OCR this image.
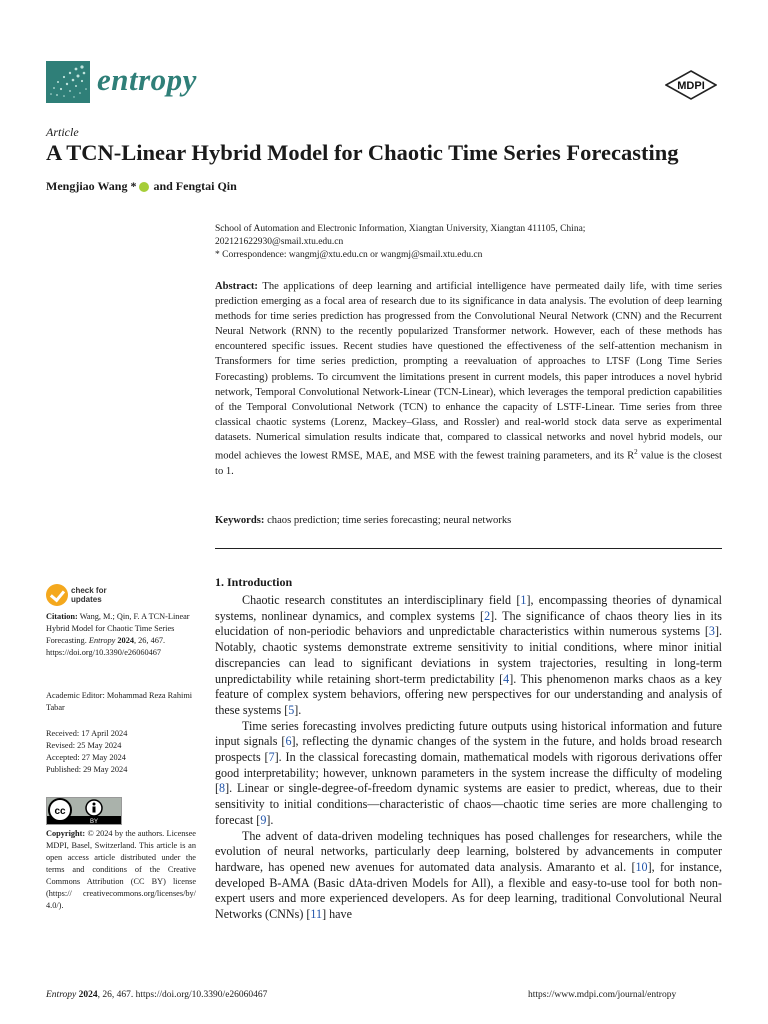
entropy	MDPI
Article
A TCN-Linear Hybrid Model for Chaotic Time Series Forecasting
Mengjiao Wang * and Fengtai Qin
School of Automation and Electronic Information, Xiangtan University, Xiangtan 411105, China;
202121622930@smail.xtu.edu.cn
* Correspondence: wangmj@xtu.edu.cn or wangmj@smail.xtu.edu.cn
Abstract: The applications of deep learning and artificial intelligence have permeated daily life, with time series prediction emerging as a focal area of research due to its significance in data analysis. The evolution of deep learning methods for time series prediction has progressed from the Convolutional Neural Network (CNN) and the Recurrent Neural Network (RNN) to the recently popularized Transformer network. However, each of these methods has encountered specific issues. Recent studies have questioned the effectiveness of the self-attention mechanism in Transformers for time series prediction, prompting a reevaluation of approaches to LTSF (Long Time Series Forecasting) problems. To circumvent the limitations present in current models, this paper introduces a novel hybrid network, Temporal Convolutional Network-Linear (TCN-Linear), which leverages the temporal prediction capabilities of the Temporal Convolutional Network (TCN) to enhance the capacity of LSTF-Linear. Time series from three classical chaotic systems (Lorenz, Mackey–Glass, and Rossler) and real-world stock data serve as experimental datasets. Numerical simulation results indicate that, compared to classical networks and novel hybrid models, our model achieves the lowest RMSE, MAE, and MSE with the fewest training parameters, and its $R^2$ value is the closest to 1.
Keywords: chaos prediction; time series forecasting; neural networks
check for
updates
Citation: Wang, M.; Qin, F. A TCN-Linear Hybrid Model for Chaotic Time Series Forecasting. Entropy 2024, 26, 467. https://doi.org/10.3390/e26060467
Academic Editor: Mohammad Reza Rahimi Tabar
Received: 17 April 2024
Revised: 25 May 2024
Accepted: 27 May 2024
Published: 29 May 2024
cc
BY
Copyright: © 2024 by the authors. Licensee MDPI, Basel, Switzerland. This article is an open access article distributed under the terms and conditions of the Creative Commons Attribution (CC BY) license (https:// creativecommons.org/licenses/by/ 4.0/).
1. Introduction

Chaotic research constitutes an interdisciplinary field [1], encompassing theories of dynamical systems, nonlinear dynamics, and complex systems [2]. The significance of chaos theory lies in its elucidation of non-periodic behaviors and unpredictable characteristics within numerous systems [3]. Notably, chaotic systems demonstrate extreme sensitivity to initial conditions, where minor initial discrepancies can lead to significant deviations in system trajectories, resulting in long-term unpredictability while retaining short-term predictability [4]. This phenomenon marks chaos as a key feature of complex system behaviors, offering new perspectives for our understanding and analysis of these systems [5].

Time series forecasting involves predicting future outputs using historical information and future input signals [6], reflecting the dynamic changes of the system in the future, and holds broad research prospects [7]. In the classical forecasting domain, mathematical models with rigorous derivations offer good interpretability; however, unknown parameters in the system increase the difficulty of modeling [8]. Linear or single-degree-of-freedom dynamic systems are easier to predict, whereas, due to their sensitivity to initial conditions—characteristic of chaos—chaotic time series are more challenging to forecast [9].

The advent of data-driven modeling techniques has posed challenges for researchers, while the evolution of neural networks, particularly deep learning, bolstered by advancements in computer hardware, has opened new avenues for automated data analysis. Amaranto et al. [10], for instance, developed B-AMA (Basic dAta-driven Models for All), a flexible and easy-to-use tool for both non-expert users and more experienced developers. As for deep learning, traditional Convolutional Neural Networks (CNNs) [11] have

Entropy 2024, 26, 467. https://doi.org/10.3390/e26060467	https://www.mdpi.com/journal/entropy
